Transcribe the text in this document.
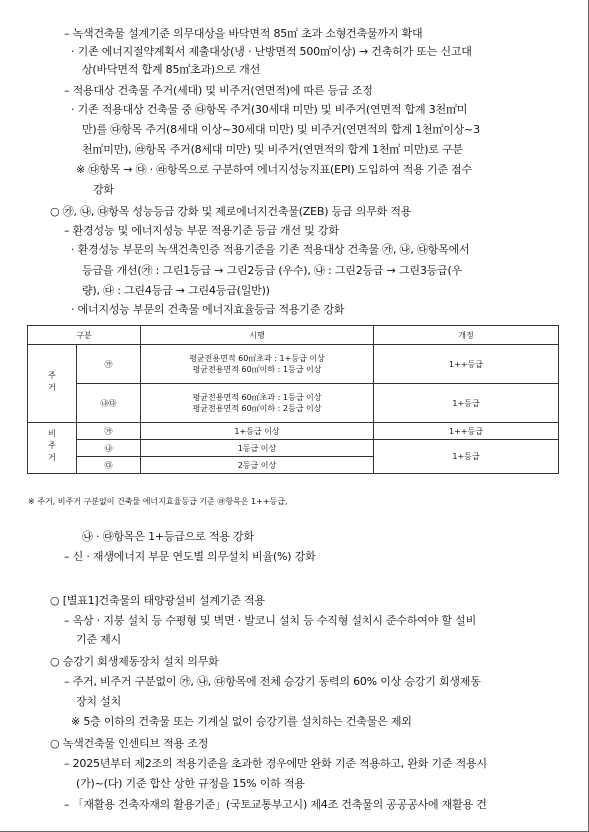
– 녹색건축물 설계기준 의무대상을 바닥면적 85㎡ 초과 소형건축물까지 확대
· 기존 에너지절약계획서 제출대상(냉 · 난방면적 500㎡이상) → 건축허가 또는 신고대
상(바닥면적 합계 85㎡초과)으로 개선
– 적용대상 건축물 주거(세대) 및 비주거(연면적)에 따른 등급 조정
· 기존 적용대상 건축물 중 ㉰항목 주거(30세대 미만) 및 비주거(연면적 합계 3천㎡미
만)를 ㉰항목 주거(8세대 이상~30세대 미만) 및 비주거(연면적의 합계 1천㎡이상~3
천㎡미만), ㉱항목 주거(8세대 미만) 및 비주거(연면적의 합계 1천㎡ 미만)로 구분
※ ㉰항목 → ㉰ · ㉱항목으로 구분하여 에너지성능지표(EPI) 도입하여 적용 기준 점수
강화
○ ㉮, ㉯, ㉰항목 성능등급 강화 및 제로에너지건축물(ZEB) 등급 의무화 적용
– 환경성능 및 에너지성능 부문 적용기준 등급 개선 및 강화
· 환경성능 부문의 녹색건축인증 적용기준을 기존 적용대상 건축물 ㉮, ㉯, ㉰항목에서
등급을 개선(㉮ : 그린1등급 → 그린2등급 (우수), ㉯ : 그린2등급 → 그린3등급(우
량), ㉰ : 그린4등급 → 그린4등급(일반))
· 에너지성능 부문의 건축물 에너지효율등급 적용기준 강화
구분		시행	개정
주거	㉮	평균전용면적 60㎡초과 : 1+등급 이상
평균전용면적 60㎡이하 : 1등급 이상	1++등급
	㉯㉰	평균전용면적 60㎡초과 : 1등급 이상
평균전용면적 60㎡이하 : 2등급 이상	1+등급
비주거	㉮	1+등급 이상	1++등급
	㉯	1등급 이상	1+등급
	㉰	2등급 이상	
※ 주거, 비주거 구분없이 건축물 에너지효율등급 기준 ㉱항목은 1++등급,
㉯ · ㉰항목은 1+등급으로 적용 강화
– 신 · 재생에너지 부문 연도별 의무설치 비율(%) 강화
○ [별표1]건축물의 태양광설비 설계기준 적용
– 옥상 · 지붕 설치 등 수평형 및 벽면 · 발코니 설치 등 수직형 설치시 준수하여야 할 설비
기준 제시
○ 승강기 회생제동장치 설치 의무화
– 주거, 비주거 구분없이 ㉮, ㉯, ㉰항목에 전체 승강기 동력의 60% 이상 승강기 회생제동
장치 설치
※ 5층 이하의 건축물 또는 기계실 없이 승강기를 설치하는 건축물은 제외
○ 녹색건축물 인센티브 적용 조정
– 2025년부터 제2조의 적용기준을 초과한 경우에만 완화 기준 적용하고, 완화 기준 적용시
(가)~(다) 기준 합산 상한 규정을 15% 이하 적용
– 「재활용 건축자재의 활용기준」(국토교통부고시) 제4조 건축물의 공공공사에 재활용 건
